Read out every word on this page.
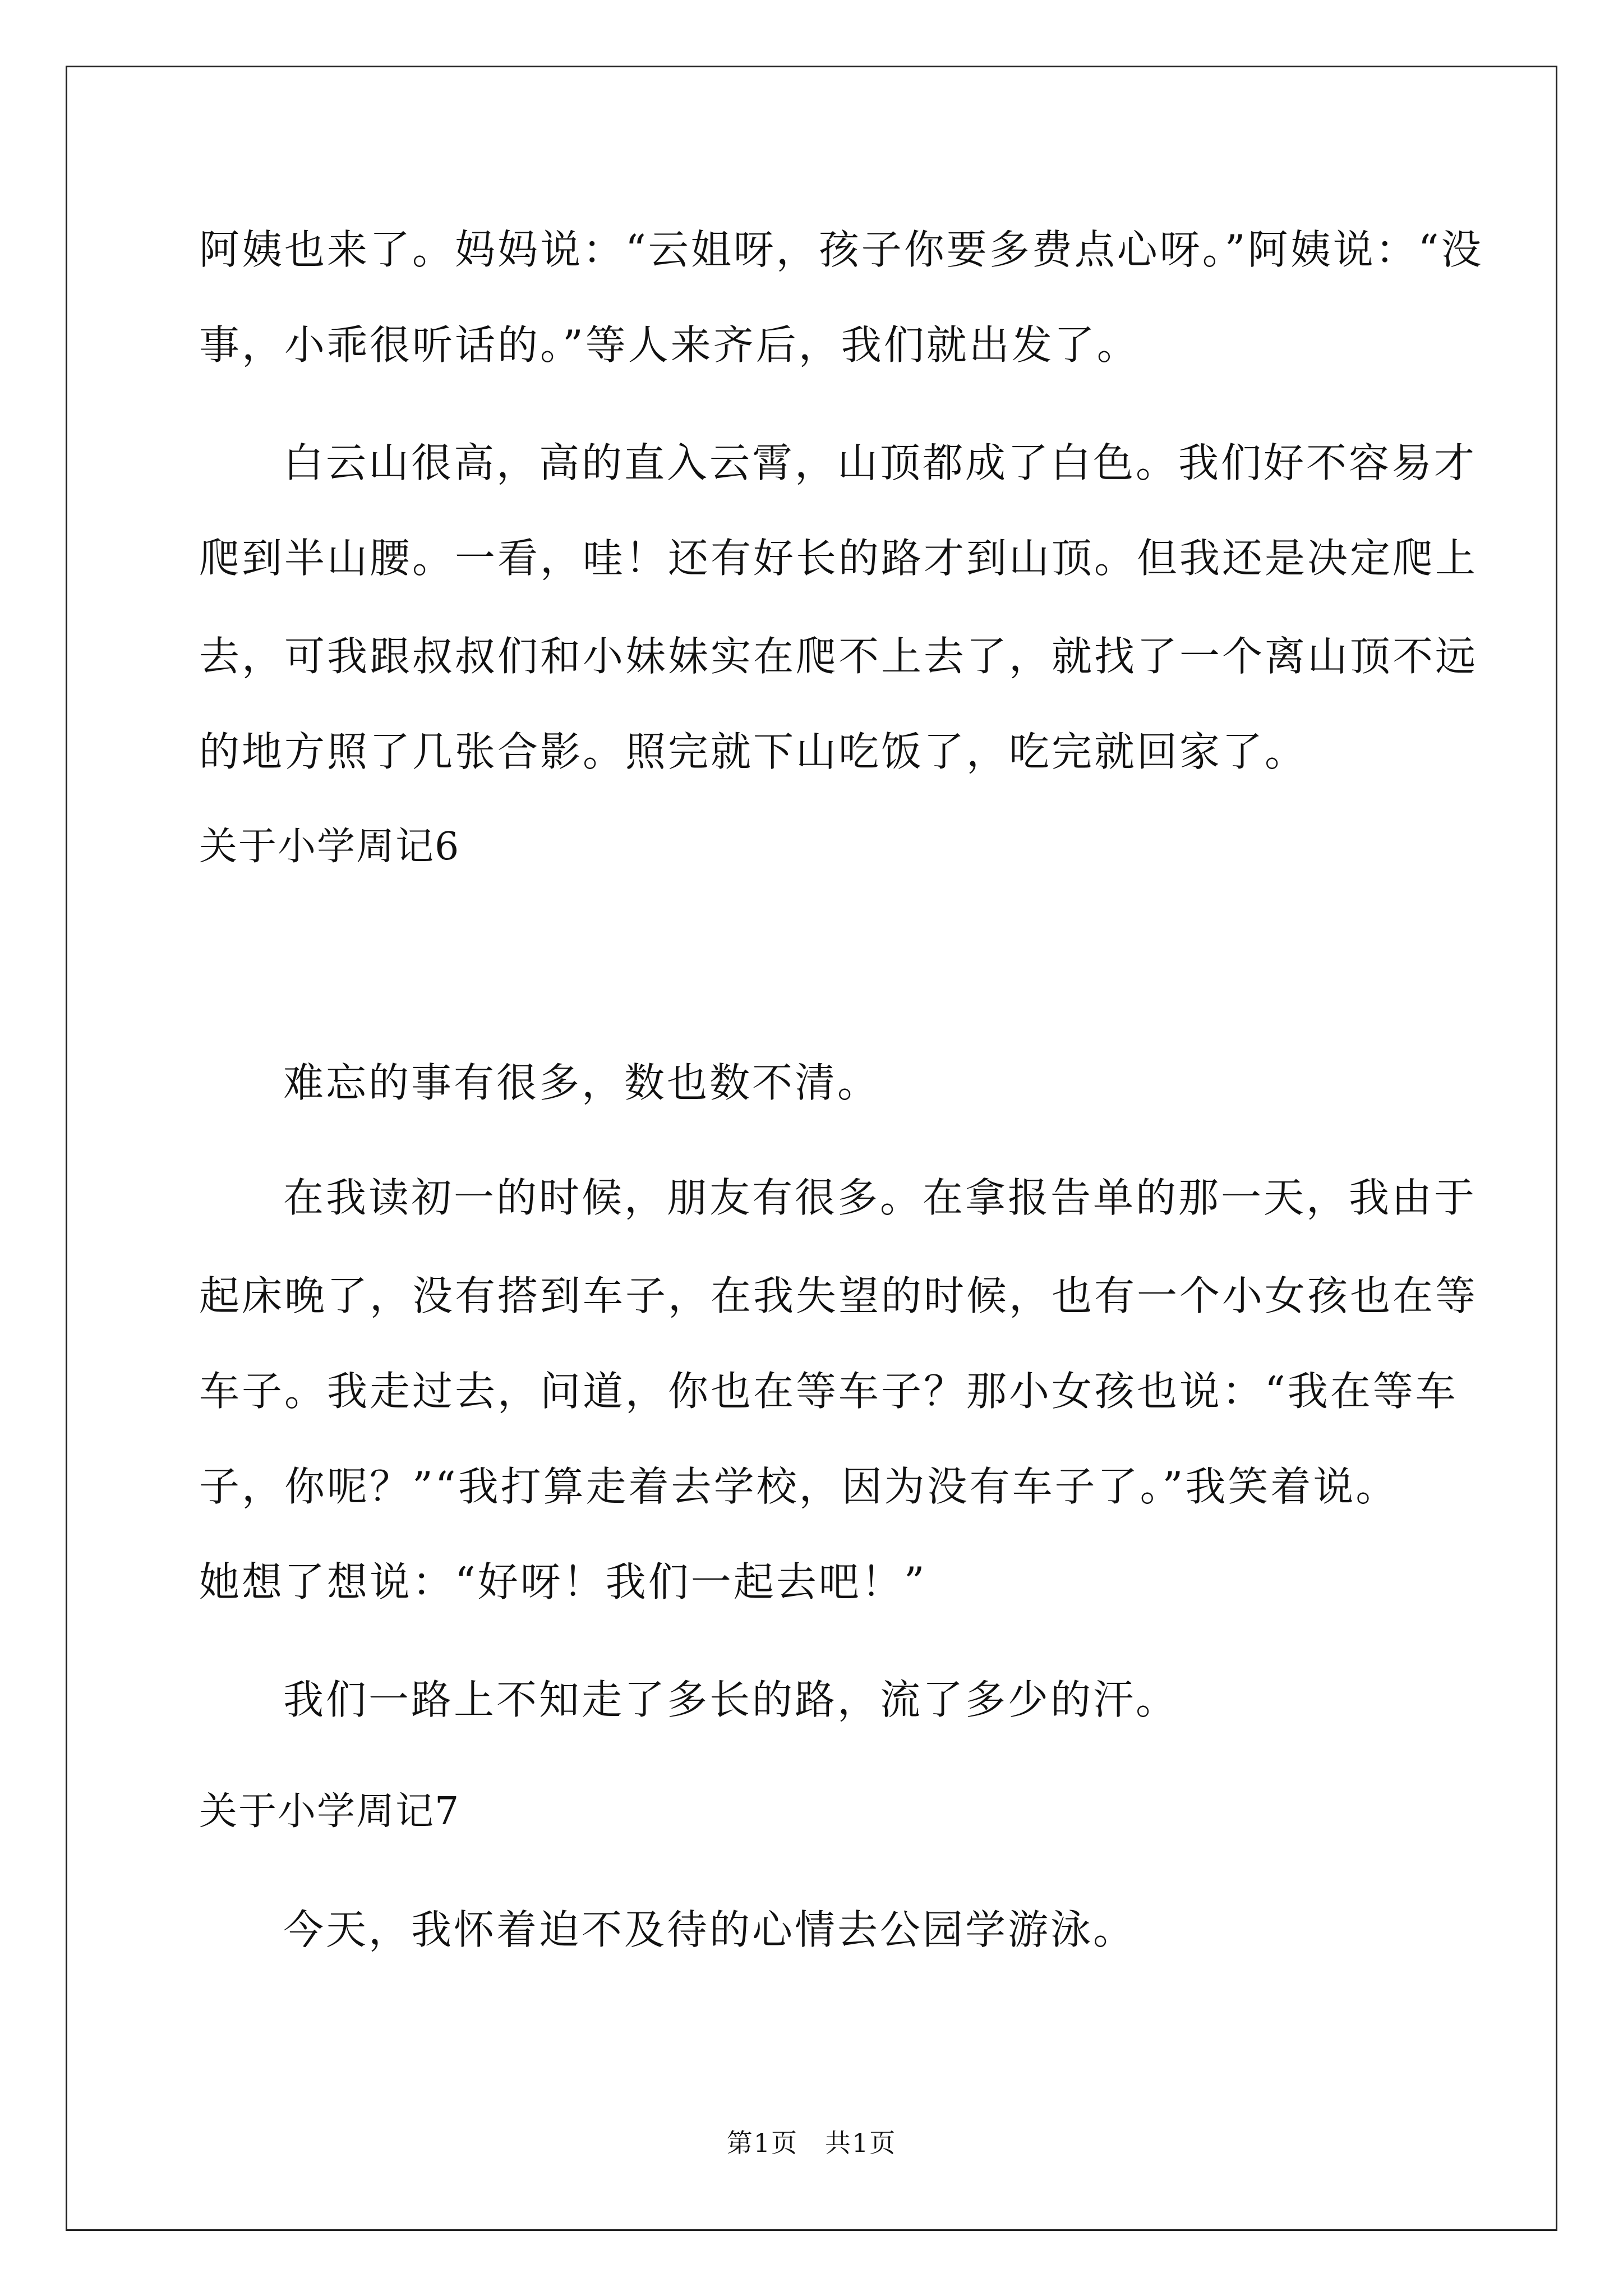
阿姨也来了。妈妈说：“云姐呀，孩子你要多费点心呀。”阿姨说：“没
事，小乖很听话的。”等人来齐后，我们就出发了。
白云山很高，高的直入云霄，山顶都成了白色。我们好不容易才
爬到半山腰。一看，哇！还有好长的路才到山顶。但我还是决定爬上
去，可我跟叔叔们和小妹妹实在爬不上去了，就找了一个离山顶不远
的地方照了几张合影。照完就下山吃饭了，吃完就回家了。
关于小学周记6
难忘的事有很多，数也数不清。
在我读初一的时候，朋友有很多。在拿报告单的那一天，我由于
起床晚了，没有搭到车子，在我失望的时候，也有一个小女孩也在等
车子。我走过去，问道，你也在等车子？那小女孩也说：“我在等车
子，你呢？”“我打算走着去学校，因为没有车子了。”我笑着说。
她想了想说：“好呀！我们一起去吧！”
我们一路上不知走了多长的路，流了多少的汗。
关于小学周记7
今天，我怀着迫不及待的心情去公园学游泳。
第1页　共1页
